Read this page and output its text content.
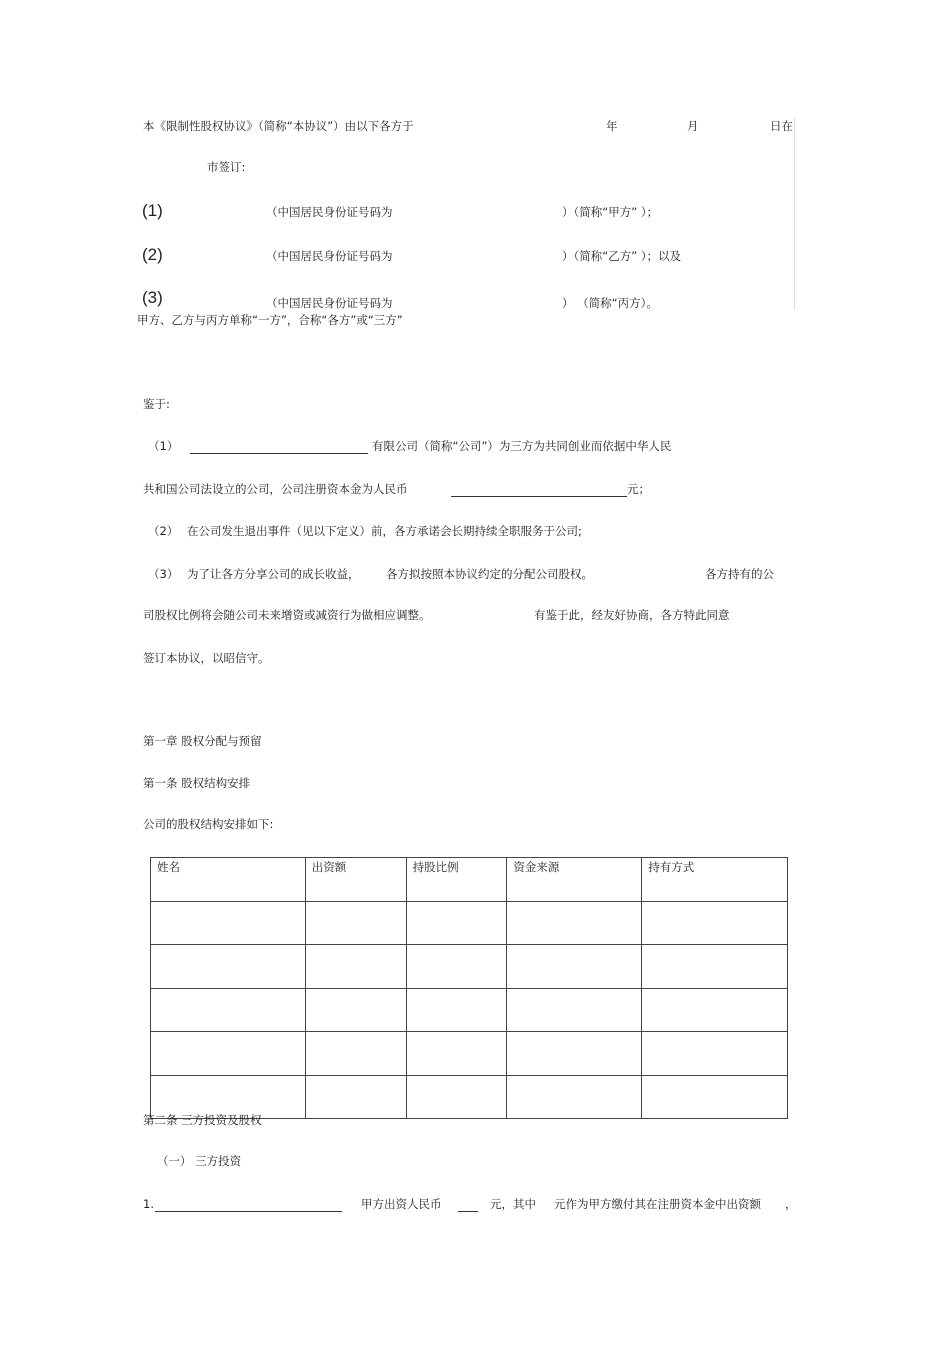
本《限制性股权协议》（简称“本协议”）由以下各方于	年	月	日在
市签订:
(1)	（中国居民身份证号码为	）（简称“甲方” ）；
(2)	（中国居民身份证号码为	）（简称“乙方” ）；以及
(3)	（中国居民身份证号码为	） （简称“丙方）。
甲方、乙方与丙方单称“一方”，合称“各方”或“三方”
鉴于:
（1）	有限公司（简称“公司”）为三方为共同创业而依据中华人民
共和国公司法设立的公司，公司注册资本金为人民币	元；
（2） 在公司发生退出事件（见以下定义）前，各方承诺会长期持续全职服务于公司;
（3） 为了让各方分享公司的成长收益， 各方拟按照本协议约定的分配公司股权。	各方持有的公
司股权比例将会随公司未来增资或减资行为做相应调整。	有鉴于此，经友好协商，各方特此同意
签订本协议，以昭信守。
第一章 股权分配与预留
第一条 股权结构安排
公司的股权结构安排如下:
姓名	出资额	持股比例	资金来源	持有方式

第二条 三方投资及股权
（一） 三方投资
1.	甲方出资人民币	元，其中 元作为甲方缴付其在注册资本金中出资额 ，
